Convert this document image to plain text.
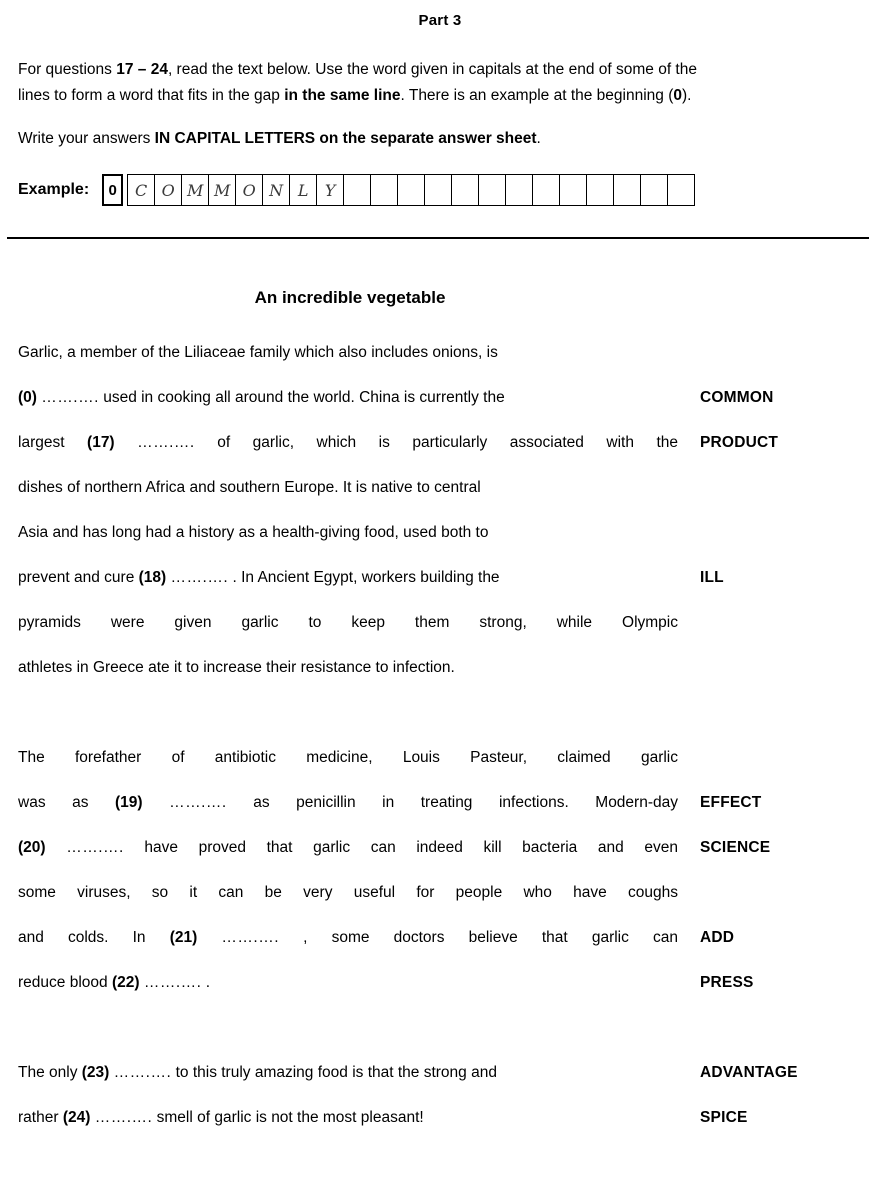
Part 3
For questions 17 – 24, read the text below. Use the word given in capitals at the end of some of the
lines to form a word that fits in the gap in the same line. There is an example at the beginning (0).
Write your answers IN CAPITAL LETTERS on the separate answer sheet.
Example:	0	C O M M O N L	Y
An incredible vegetable
Garlic, a member of the Liliaceae family which also includes onions, is
(0) …….…. used in cooking all around the world. China is currently the	COMMON
largest (17) …….…. of garlic, which is particularly associated with the PRODUCT
dishes of northern Africa and southern Europe. It is native to central
Asia and has long had a history as a health-giving food, used both to
prevent and cure (18) …….…. . In Ancient Egypt, workers building the	ILL
pyramids were given garlic to keep them strong, while Olympic
athletes in Greece ate it to increase their resistance to infection.
The forefather of antibiotic medicine, Louis Pasteur, claimed garlic
was as (19) …….…. as penicillin in treating infections. Modern-day EFFECT
(20) …….…. have proved that garlic can indeed kill bacteria and even SCIENCE
some viruses, so it can be very useful for people who have coughs
and colds. In (21) …….…. , some doctors believe that garlic can ADD
reduce blood (22) …….…. .	PRESS
The only (23) …….…. to this truly amazing food is that the strong and	ADVANTAGE
rather (24) …….…. smell of garlic is not the most pleasant!	SPICE
